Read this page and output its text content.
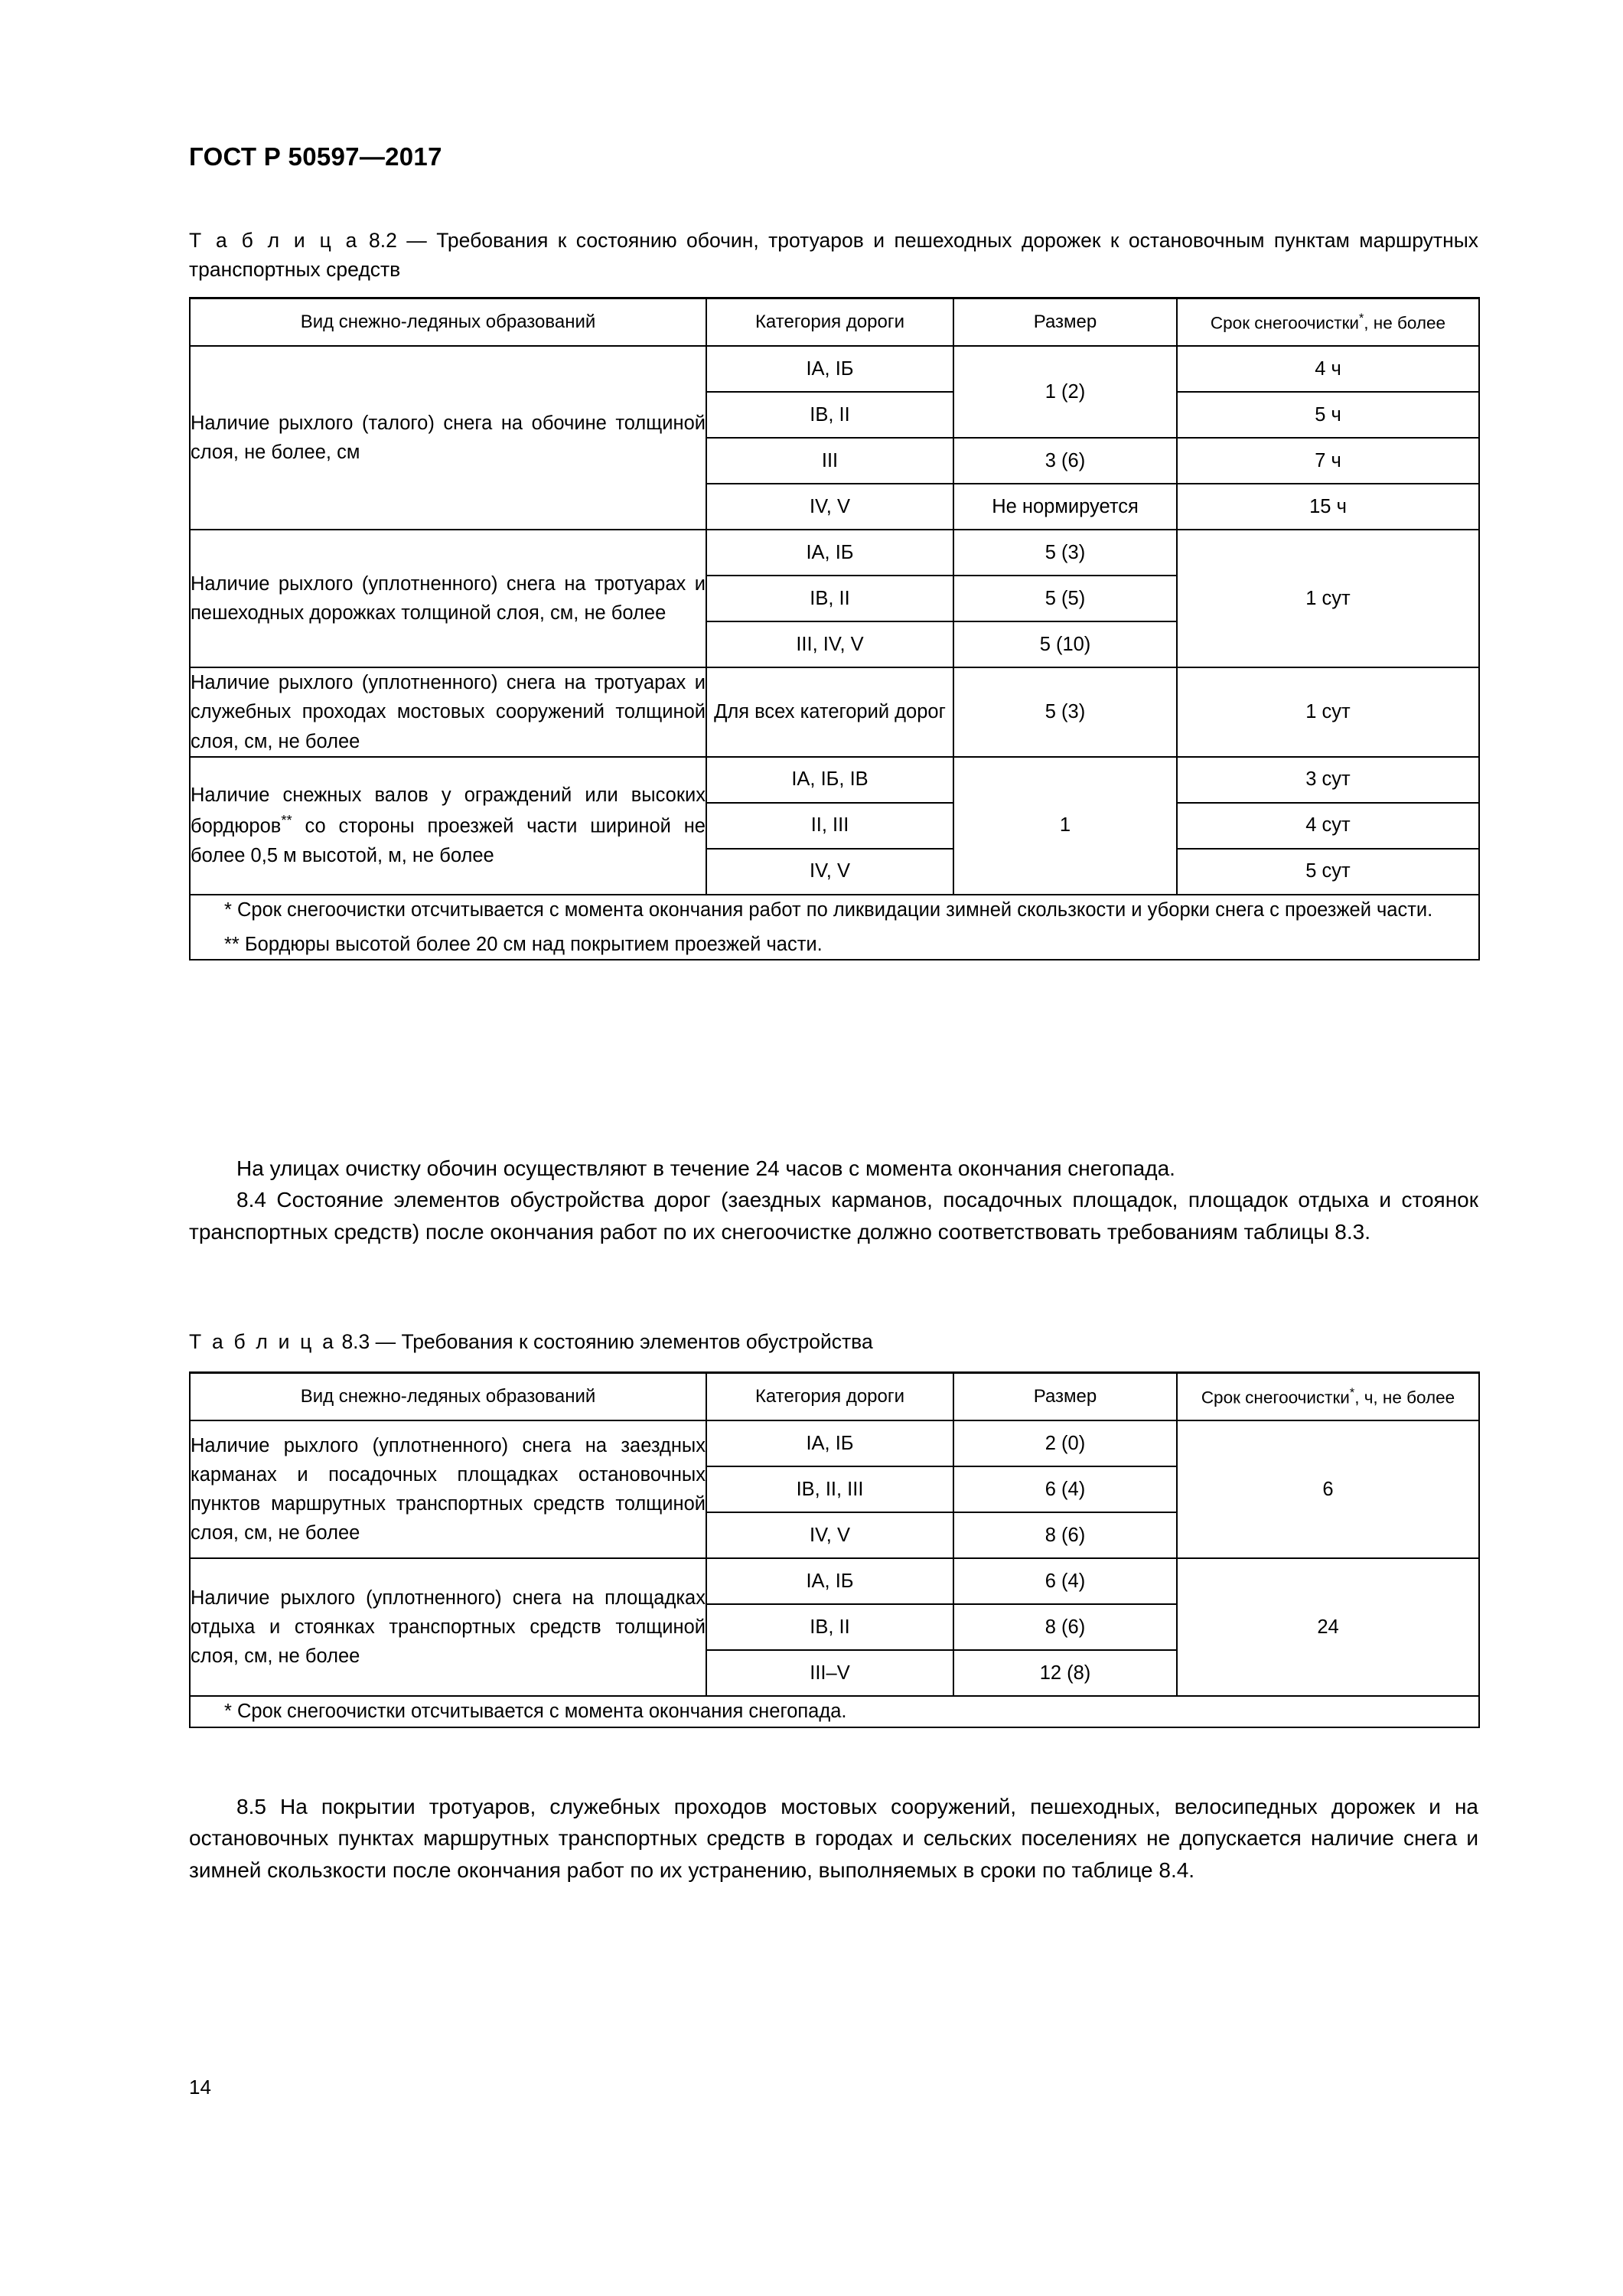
ГОСТ Р 50597—2017

Т а б л и ц а 8.2 — Требования к состоянию обочин, тротуаров и пешеходных дорожек к остановочным пунктам маршрутных транспортных средств

Вид снежно-ледяных образований	Категория дороги	Размер	Срок снегоочистки*, не более
Наличие рыхлого (талого) снега на обочине толщиной слоя, не более, см	IA, IБ	1 (2)	4 ч
	IB, II		5 ч
	III	3 (6)	7 ч
	IV, V	Не нормируется	15 ч
Наличие рыхлого (уплотненного) снега на тротуарах и пешеходных дорожках толщиной слоя, см, не более	IA, IБ	5 (3)	1 сут
	IB, II	5 (5)	
	III, IV, V	5 (10)	
Наличие рыхлого (уплотненного) снега на тротуарах и служебных проходах мостовых сооружений толщиной слоя, см, не более	Для всех категорий дорог	5 (3)	1 сут
Наличие снежных валов у ограждений или высоких бордюров** со стороны проезжей части шириной не более 0,5 м высотой, м, не более	IA, IБ, IB	1	3 сут
	II, III		4 сут
	IV, V		5 сут

* Срок снегоочистки отсчитывается с момента окончания работ по ликвидации зимней скользкости и уборки снега с проезжей части.

** Бордюры высотой более 20 см над покрытием проезжей части.			

На улицах очистку обочин осуществляют в течение 24 часов с момента окончания снегопада.

8.4 Состояние элементов обустройства дорог (заездных карманов, посадочных площадок, площадок отдыха и стоянок транспортных средств) после окончания работ по их снегоочистке должно соответствовать требованиям таблицы 8.3.

Т а б л и ц а 8.3 — Требования к состоянию элементов обустройства

Вид снежно-ледяных образований	Категория дороги	Размер	Срок снегоочистки*, ч, не более
Наличие рыхлого (уплотненного) снега на заездных карманах и посадочных площадках остановочных пунктов маршрутных транспортных средств толщиной слоя, см, не более	IA, IБ	2 (0)	6
	IB, II, III	6 (4)	
	IV, V	8 (6)	
Наличие рыхлого (уплотненного) снега на площадках отдыха и стоянках транспортных средств толщиной слоя, см, не более	IA, IБ	6 (4)	24
	IB, II	8 (6)	
	III–V	12 (8)	

* Срок снегоочистки отсчитывается с момента окончания снегопада.			

8.5 На покрытии тротуаров, служебных проходов мостовых сооружений, пешеходных, велосипедных дорожек и на остановочных пунктах маршрутных транспортных средств в городах и сельских поселениях не допускается наличие снега и зимней скользкости после окончания работ по их устранению, выполняемых в сроки по таблице 8.4.

14
